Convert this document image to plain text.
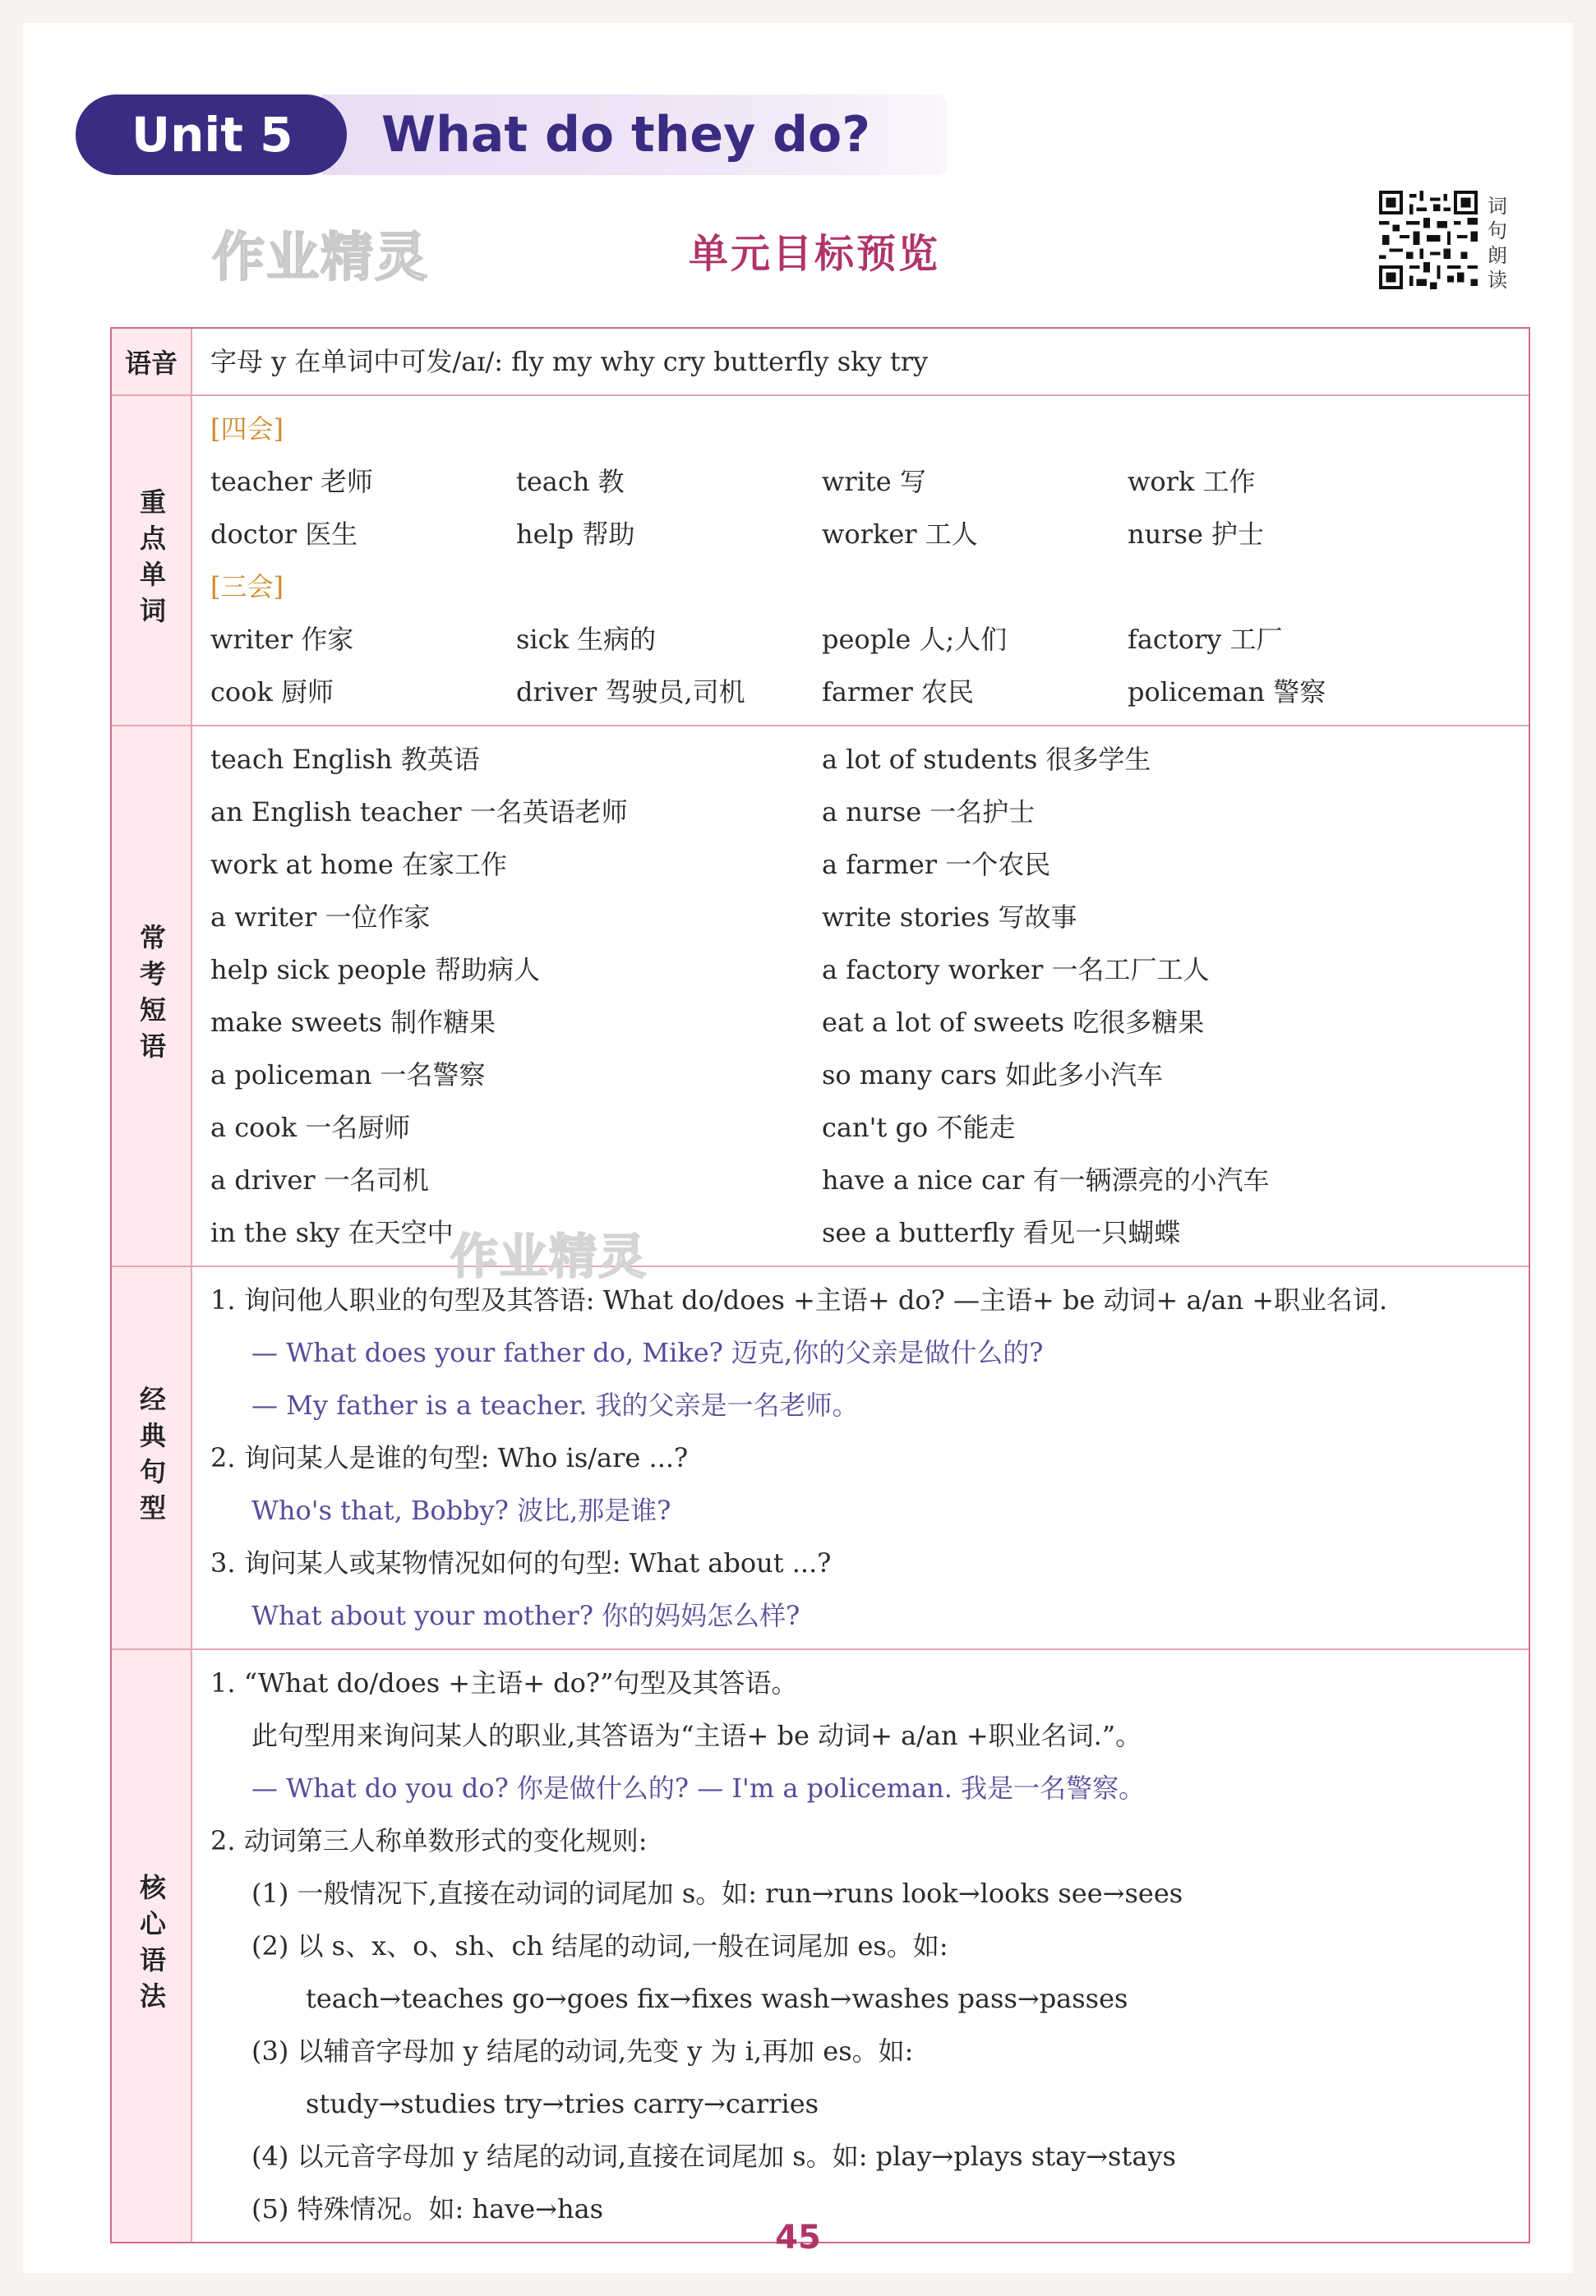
Unit 5	What do they do?
作业精灵	单元目标预览
词句朗读
语音 字母 y 在单词中可发/aɪ/: fly my why cry butterfly sky try
重点单词
[四会]
teacher 老师	teach 教	write 写	work 工作
doctor 医生	help 帮助	worker 工人	nurse 护士
[三会]
writer 作家	sick 生病的	people 人;人们	factory 工厂
cook 厨师	driver 驾驶员,司机	farmer 农民	policeman 警察
常考短语
teach English 教英语	a lot of students 很多学生
an English teacher 一名英语老师	a nurse 一名护士
work at home 在家工作	a farmer 一个农民
a writer 一位作家	write stories 写故事
help sick people 帮助病人	a factory worker 一名工厂工人
make sweets 制作糖果	eat a lot of sweets 吃很多糖果
a policeman 一名警察	so many cars 如此多小汽车
a cook 一名厨师	can't go 不能走
a driver 一名司机	have a nice car 有一辆漂亮的小汽车
in the sky 在天空中	see a butterfly 看见一只蝴蝶
经典句型
1. 询问他人职业的句型及其答语: What do/does +主语+ do? —主语+ be 动词+ a/an +职业名词.
— What does your father do, Mike? 迈克,你的父亲是做什么的?
— My father is a teacher. 我的父亲是一名老师。
2. 询问某人是谁的句型: Who is/are ...?
Who's that, Bobby? 波比,那是谁?
3. 询问某人或某物情况如何的句型: What about ...?
What about your mother? 你的妈妈怎么样?
核心语法
1. “What do/does +主语+ do?”句型及其答语。
此句型用来询问某人的职业,其答语为“主语+ be 动词+ a/an +职业名词.”。
— What do you do? 你是做什么的? — I'm a policeman. 我是一名警察。
2. 动词第三人称单数形式的变化规则:
(1) 一般情况下,直接在动词的词尾加 s。如: run→runs look→looks see→sees
(2) 以 s、x、o、sh、ch 结尾的动词,一般在词尾加 es。如:
teach→teaches go→goes fix→fixes wash→washes pass→passes
(3) 以辅音字母加 y 结尾的动词,先变 y 为 i,再加 es。如:
study→studies try→tries carry→carries
(4) 以元音字母加 y 结尾的动词,直接在词尾加 s。如: play→plays stay→stays
(5) 特殊情况。如: have→has
作业精灵
45
